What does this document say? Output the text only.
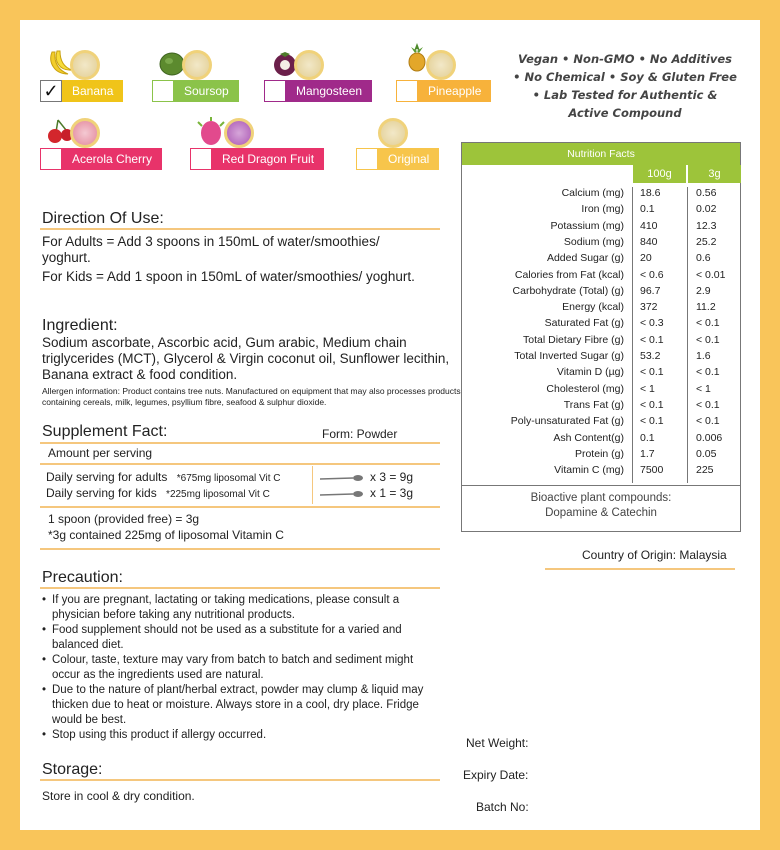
✓	Banana	Soursop	Mangosteen	Pineapple
Acerola Cherry	Red Dragon Fruit	Original
Vegan • Non-GMO • No Additives
• No Chemical • Soy & Gluten Free
• Lab Tested for Authentic &
Active Compound
Direction Of Use:
For Adults = Add 3 spoons in 150mL of water/smoothies/ yoghurt.
For Kids = Add 1 spoon in 150mL of water/smoothies/ yoghurt.
Ingredient:
Sodium ascorbate, Ascorbic acid, Gum arabic, Medium chain triglycerides (MCT), Glycerol & Virgin coconut oil, Sunflower lecithin, Banana extract & food condition.
Allergen information: Product contains tree nuts. Manufactured on equipment that may also processes products containing cereals, milk, legumes, psyllium fibre, seafood & sulphur dioxide.
Supplement Fact:	Form: Powder
Amount per serving
Daily serving for adults *675mg liposomal Vit C
Daily serving for kids *225mg liposomal Vit C
x 3 = 9g
x 1 = 3g
1 spoon (provided free) = 3g
*3g contained 225mg of liposomal Vitamin C
Precaution:
• If you are pregnant, lactating or taking medications, please consult a physician before taking any nutritional products.
• Food supplement should not be used as a substitute for a varied and balanced diet.
• Colour, taste, texture may vary from batch to batch and sediment might occur as the ingredients used are natural.
• Due to the nature of plant/herbal extract, powder may clump & liquid may thicken due to heat or moisture. Always store in a cool, dry place. Fridge would be best.
• Stop using this product if allergy occurred.
Storage:
Store in cool & dry condition.
Nutrition Facts
100g	3g
Calcium (mg) 18.6	0.56
Iron (mg) 0.1	0.02
Potassium (mg) 410	12.3
Sodium (mg) 840	25.2
Added Sugar (g) 20	0.6
Calories from Fat (kcal) < 0.6	< 0.01
Carbohydrate (Total) (g) 96.7	2.9
Energy (kcal) 372	11.2
Saturated Fat (g) < 0.3	< 0.1
Total Dietary Fibre (g) < 0.1	< 0.1
Total Inverted Sugar (g) 53.2	1.6
Vitamin D (µg) < 0.1	< 0.1
Cholesterol (mg) < 1	< 1
Trans Fat (g) < 0.1	< 0.1
Poly-unsaturated Fat (g) < 0.1	< 0.1
Ash Content(g) 0.1	0.006
Protein (g) 1.7	0.05
Vitamin C (mg) 7500	225
Bioactive plant compounds:
Dopamine & Catechin
Country of Origin: Malaysia
Net Weight:
Expiry Date:
Batch No:
